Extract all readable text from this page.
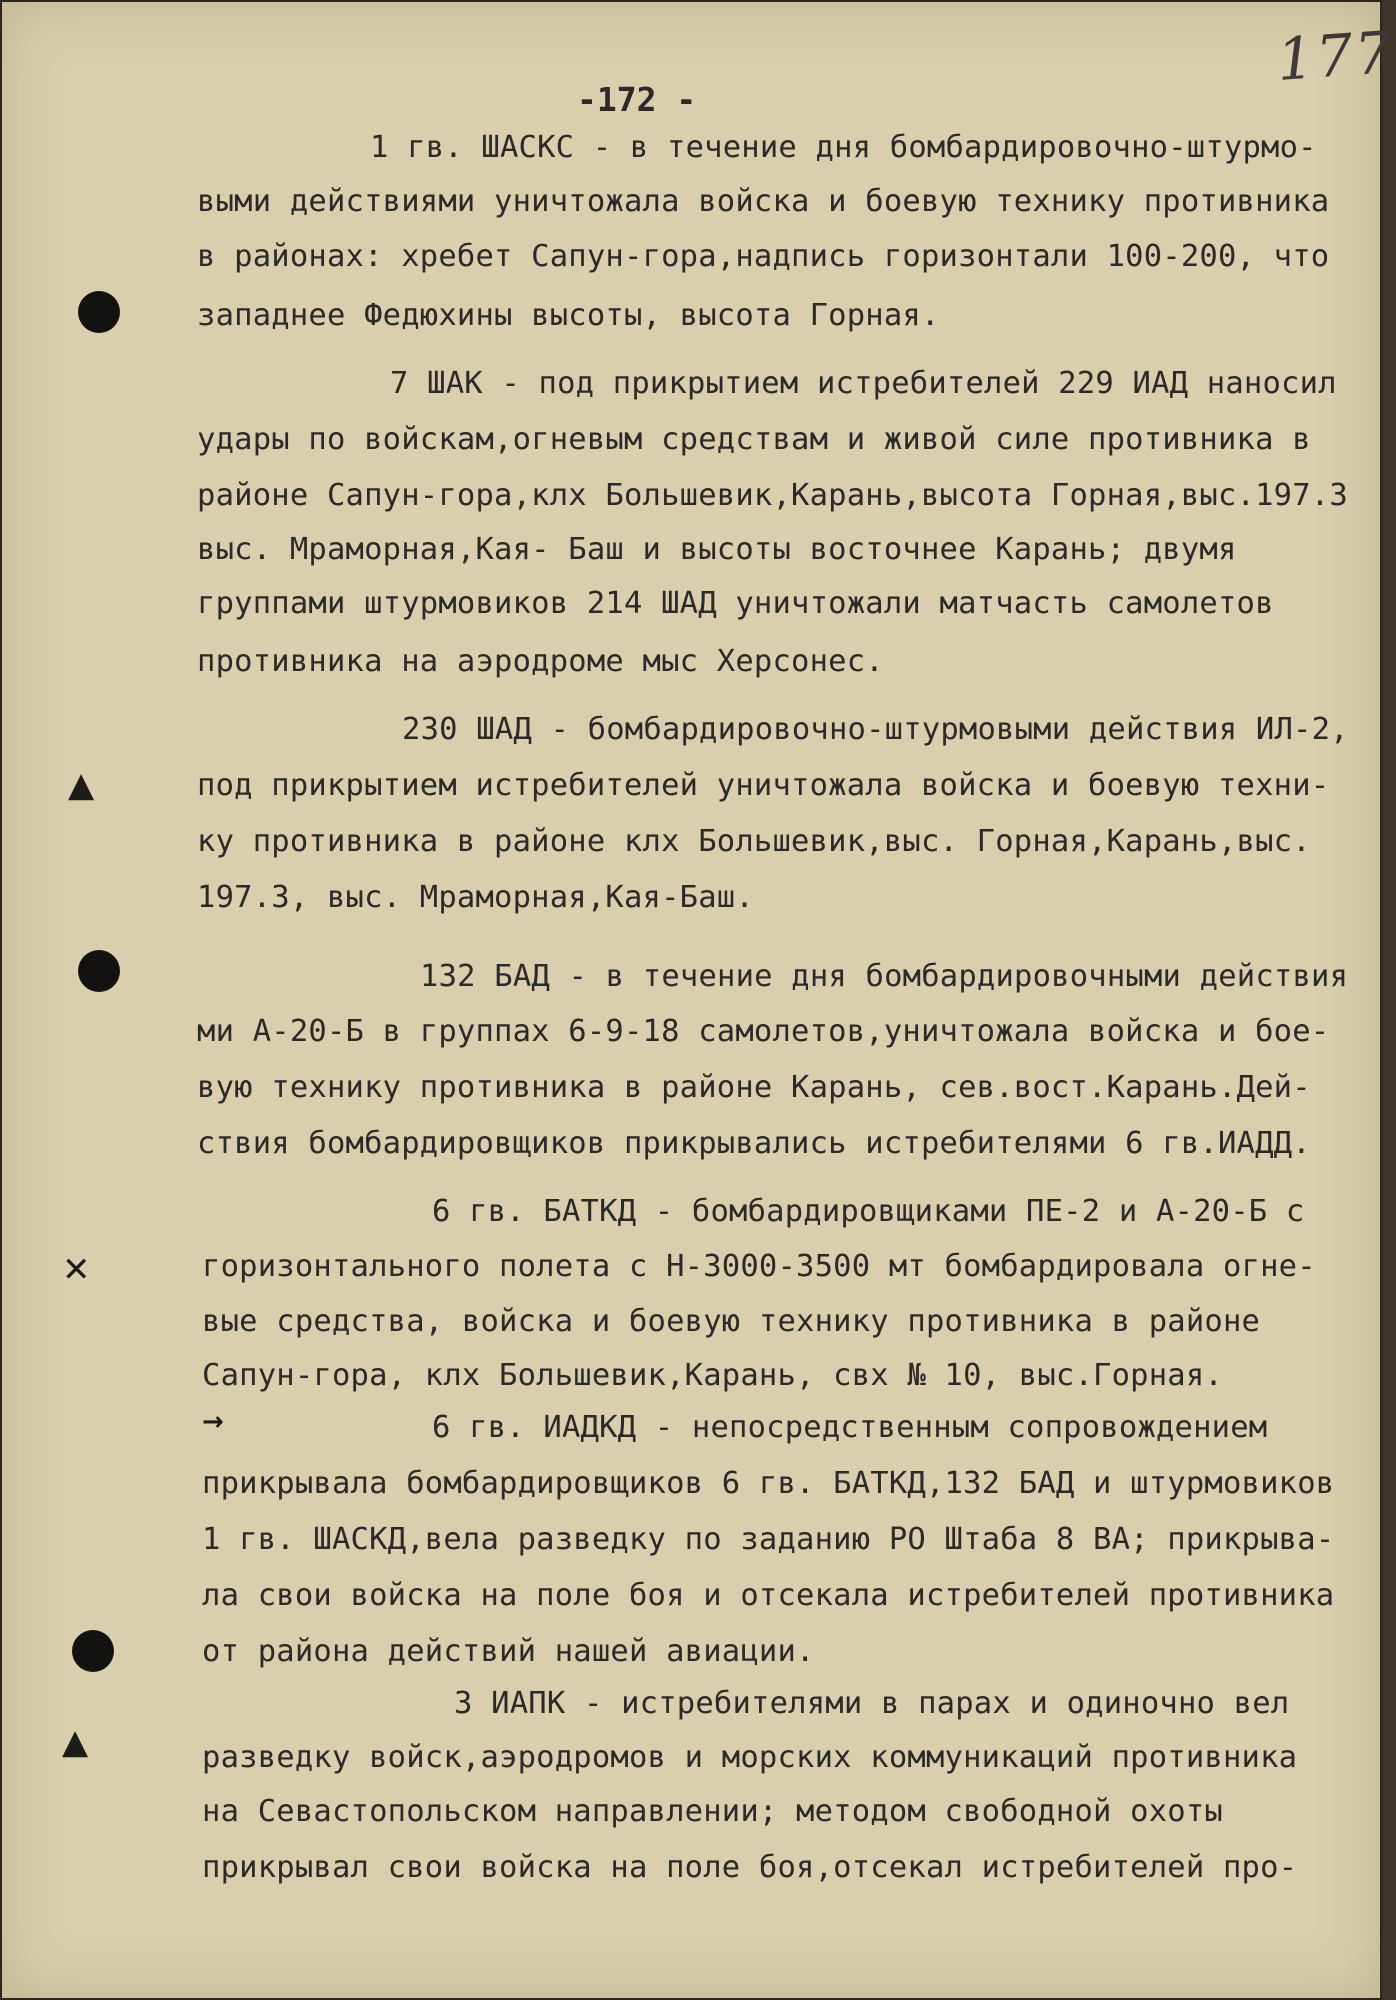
177
-172 -
▲
✕
▲
→
1 гв. ШАСКС - в течение дня бомбардировочно-штурмо-
выми действиями уничтожала войска и боевую технику противника
в районах: хребет Сапун-гора,надпись горизонтали 100-200, что
западнее Федюхины высоты, высота Горная.
7 ШАК - под прикрытием истребителей 229 ИАД наносил
удары по войскам,огневым средствам и живой силе противника в
районе Сапун-гора,клх Большевик,Карань,высота Горная,выс.197.3
выс. Мраморная,Кая- Баш и высоты восточнее Карань; двумя
группами штурмовиков 214 ШАД уничтожали матчасть самолетов
противника на аэродроме мыс Херсонес.
230 ШАД - бомбардировочно-штурмовыми действия ИЛ-2,
под прикрытием истребителей уничтожала войска и боевую техни-
ку противника в районе клх Большевик,выс. Горная,Карань,выс.
197.3, выс. Мраморная,Кая-Баш.
132 БАД - в течение дня бомбардировочными действия
ми А-20-Б в группах 6-9-18 самолетов,уничтожала войска и бое-
вую технику противника в районе Карань, сев.вост.Карань.Дей-
ствия бомбардировщиков прикрывались истребителями 6 гв.ИАДД.
6 гв. БАТКД - бомбардировщиками ПЕ-2 и А-20-Б с
горизонтального полета с Н-3000-3500 мт бомбардировала огне-
вые средства, войска и боевую технику противника в районе
Сапун-гора, клх Большевик,Карань, свх № 10, выс.Горная.
6 гв. ИАДКД - непосредственным сопровождением
прикрывала бомбардировщиков 6 гв. БАТКД,132 БАД и штурмовиков
1 гв. ШАСКД,вела разведку по заданию РО Штаба 8 ВА; прикрыва-
ла свои войска на поле боя и отсекала истребителей противника
от района действий нашей авиации.
3 ИАПК - истребителями в парах и одиночно вел
разведку войск,аэродромов и морских коммуникаций противника
на Севастопольском направлении; методом свободной охоты
прикрывал свои войска на поле боя,отсекал истребителей про-
